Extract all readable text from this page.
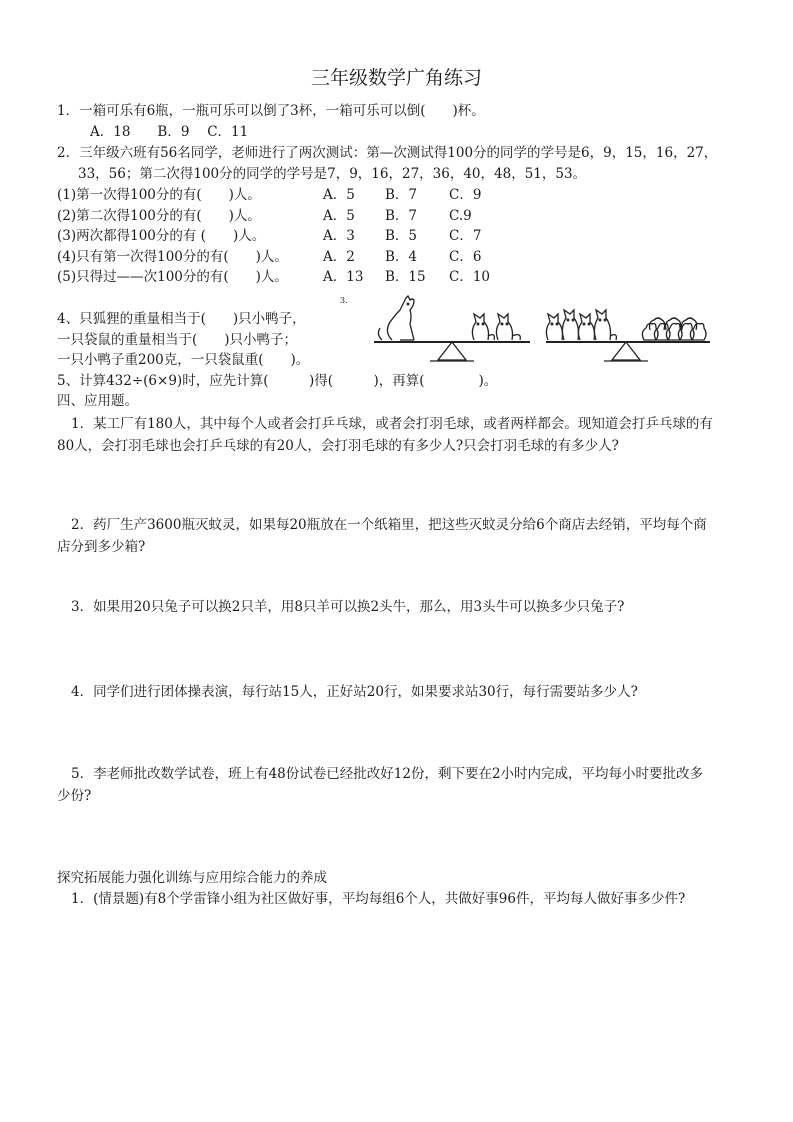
三年级数学广角练习
1．一箱可乐有6瓶，一瓶可乐可以倒了3杯，一箱可乐可以倒(　　)杯。
A．18　　B．9　 C．11
2．三年级六班有56名同学，老师进行了两次测试：第—次测试得100分的同学的学号是6，9，15，16，27，
33，56；第二次得100分的同学的学号是7，9，16，27，36，40，48，51，53。
(1)第一次得100分的有(　　)人。	A．5 B．7 C．9
(2)第二次得100分的有(　　)人。	A．5 B．7 C.9
(3)两次都得100分的有 (　　)人。	A．3 B．5 C．7
(4)只有第一次得100分的有(　　)人。	A．2 B．4 C．6
(5)只得过——次100分的有(　　)人。	A．13 B．15 C．10
4、只狐狸的重量相当于(　　)只小鸭子，
一只袋鼠的重量相当于(　　)只小鸭子；
一只小鸭子重200克，一只袋鼠重(　　)。
3.
5、计算432÷(6×9)时，应先计算(　　　)得(　　　)，再算(　　　　)。
四、应用题。
1．某工厂有180人，其中每个人或者会打乒乓球，或者会打羽毛球，或者两样都会。现知道会打乒乓球的有
80人，会打羽毛球也会打乒乓球的有20人，会打羽毛球的有多少人?只会打羽毛球的有多少人?
2．药厂生产3600瓶灭蚊灵，如果每20瓶放在一个纸箱里，把这些灭蚊灵分给6个商店去经销，平均每个商
店分到多少箱?
3．如果用20只兔子可以换2只羊，用8只羊可以换2头牛，那么，用3头牛可以换多少只兔子?
4．同学们进行团体操表演，每行站15人，正好站20行，如果要求站30行，每行需要站多少人?
5．李老师批改数学试卷，班上有48份试卷已经批改好12份，剩下要在2小时内完成，平均每小时要批改多
少份?
探究拓展能力强化训练与应用综合能力的养成
1．(情景题)有8个学雷锋小组为社区做好事，平均每组6个人，共做好事96件，平均每人做好事多少件?
